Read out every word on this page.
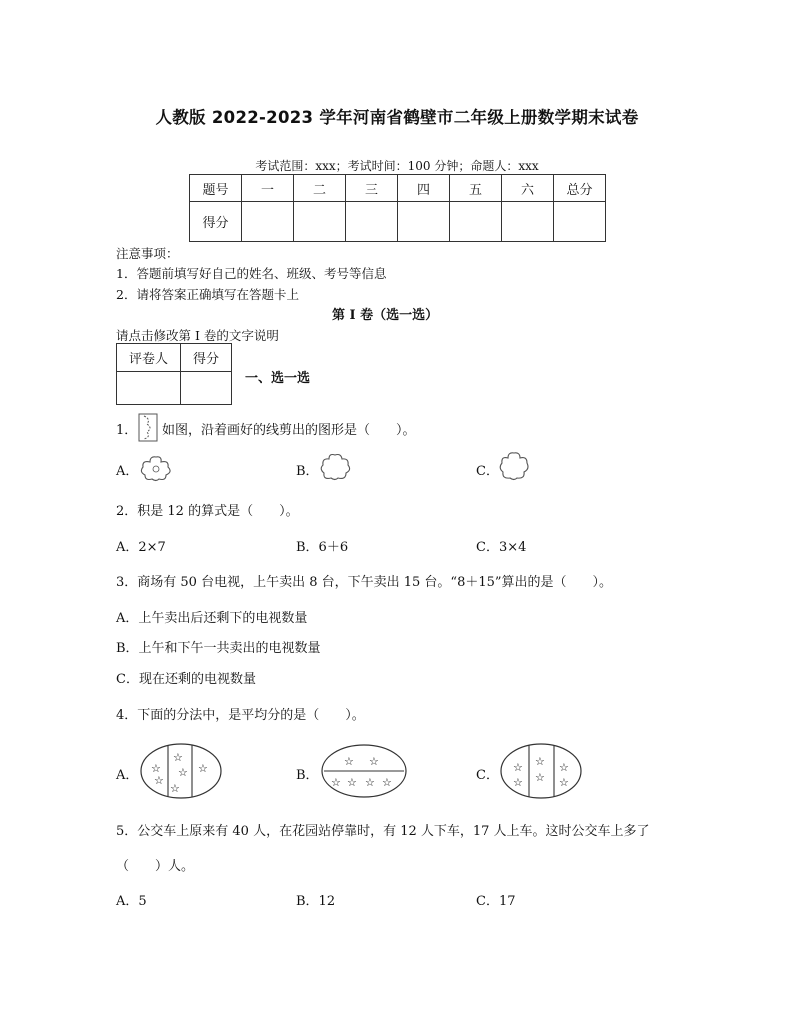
人教版 2022-2023 学年河南省鹤壁市二年级上册数学期末试卷
考试范围：xxx；考试时间：100 分钟；命题人：xxx
题号	一	二	三	四	五	六	总分
得分							
注意事项：
1．答题前填写好自己的姓名、班级、考号等信息
2．请将答案正确填写在答题卡上
第 I 卷（选一选）
请点击修改第 I 卷的文字说明
评卷人	得分

一、选一选
1． 如图，沿着画好的线剪出的图形是（　　）。
A．	B．	C．
2．积是 12 的算式是（　　）。
A．2×7	B．6＋6	C．3×4
3．商场有 50 台电视，上午卖出 8 台，下午卖出 15 台。“8＋15”算出的是（　　）。
A．上午卖出后还剩下的电视数量
B．上午和下午一共卖出的电视数量
C．现在还剩的电视数量
4．下面的分法中，是平均分的是（　　）。
A． ☆
☆
☆
☆
☆
☆	B．
☆ ☆
☆ ☆ ☆ ☆	C．
☆
☆
☆
☆
☆
☆
5．公交车上原来有 40 人，在花园站停靠时，有 12 人下车，17 人上车。这时公交车上多了
（　　）人。
A．5	B．12	C．17
